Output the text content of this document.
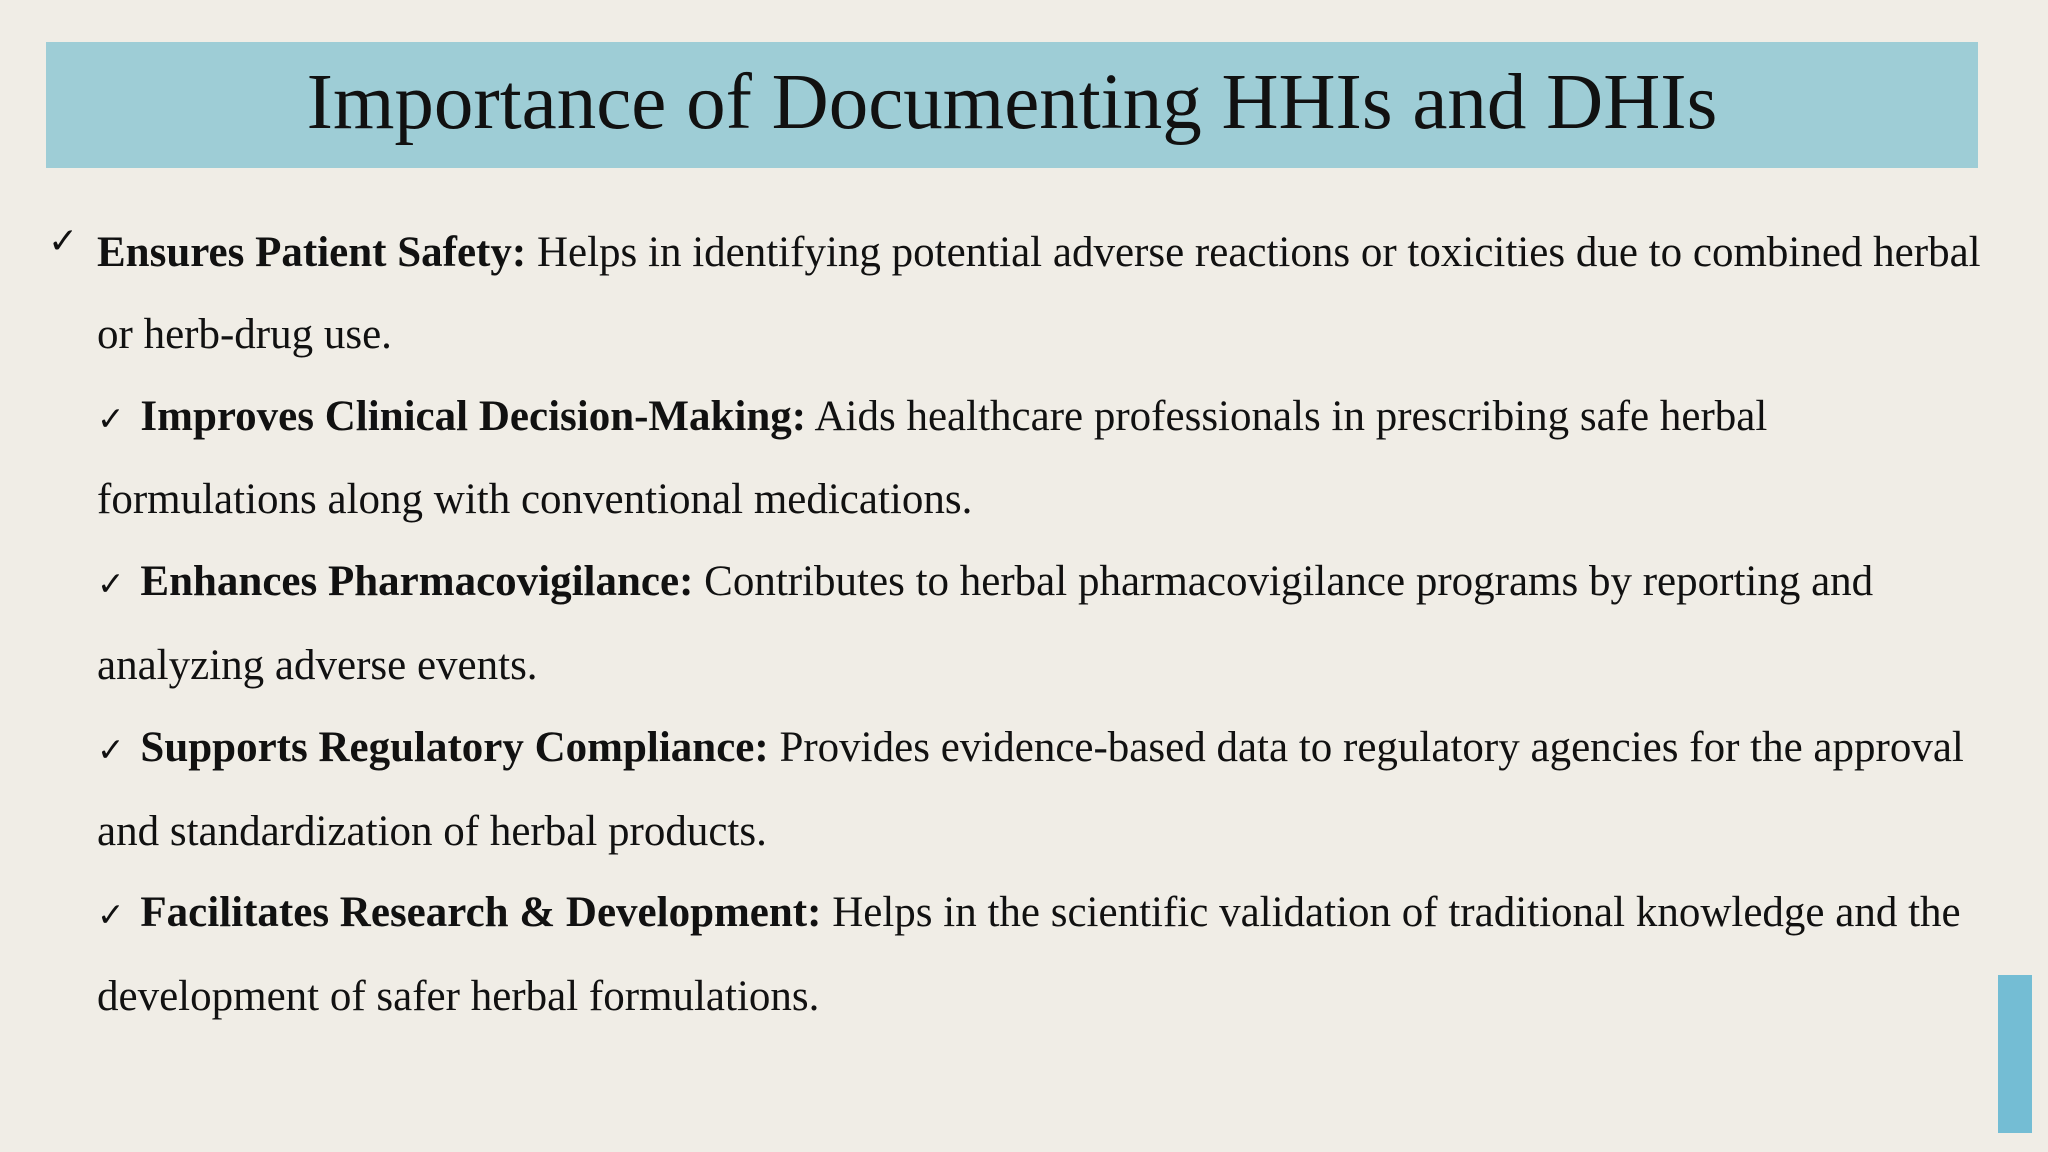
Importance of Documenting HHIs and DHIs
✓ Ensures Patient Safety: Helps in identifying potential adverse reactions or toxicities due to combined herbal or herb-drug use.
✓ Improves Clinical Decision-Making: Aids healthcare professionals in prescribing safe herbal formulations along with conventional medications.
✓ Enhances Pharmacovigilance: Contributes to herbal pharmacovigilance programs by reporting and analyzing adverse events.
✓ Supports Regulatory Compliance: Provides evidence-based data to regulatory agencies for the approval and standardization of herbal products.
✓ Facilitates Research & Development: Helps in the scientific validation of traditional knowledge and the development of safer herbal formulations.
